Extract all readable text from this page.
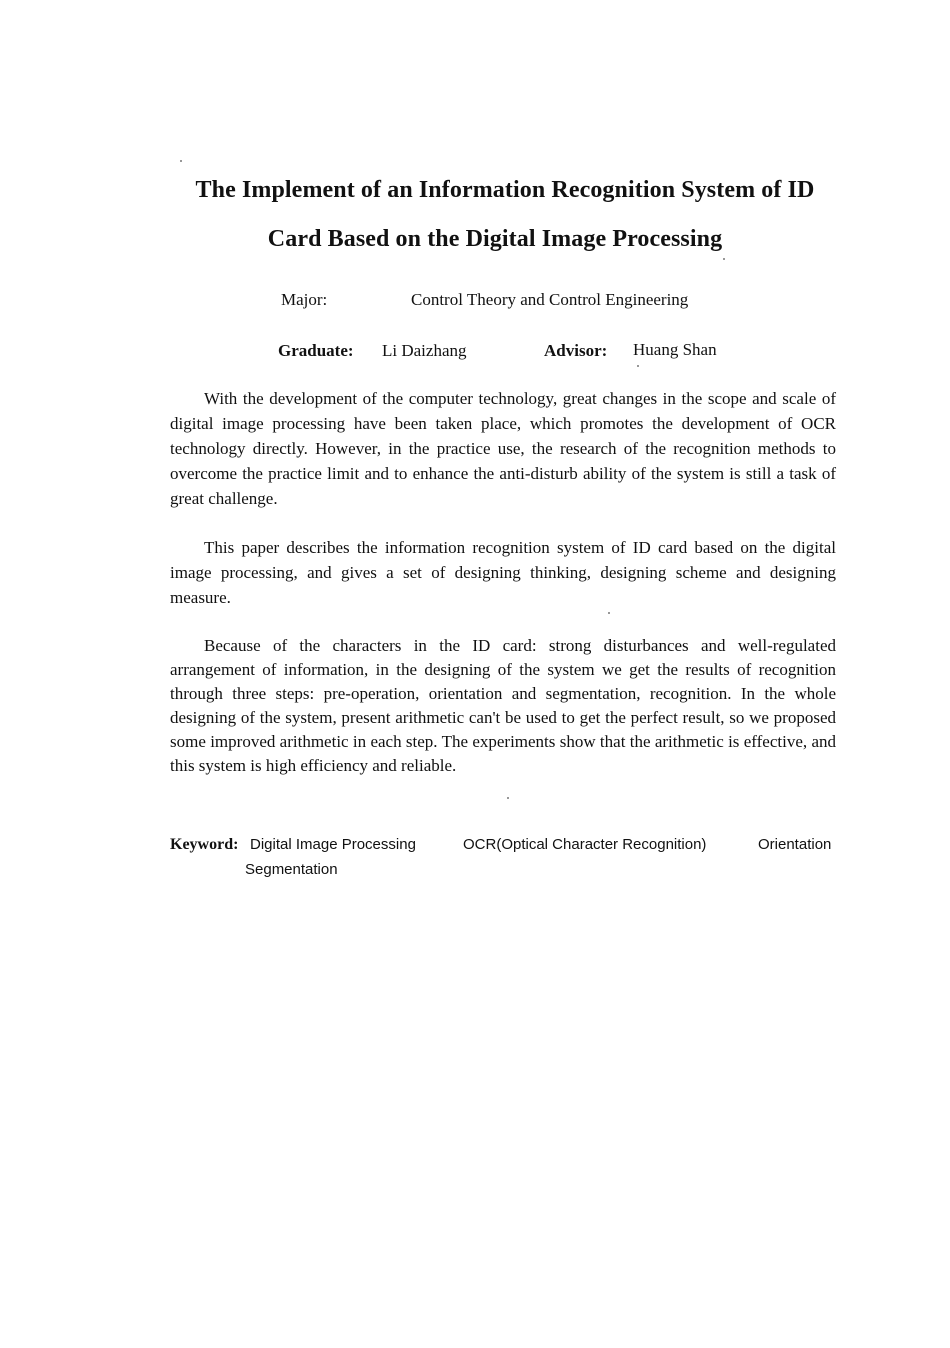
The Implement of an Information Recognition System of ID
Card Based on the Digital Image Processing
Major:	Control Theory and Control Engineering
Graduate: Li Daizhang	Advisor: Huang Shan

With the development of the computer technology, great changes in the scope and scale of digital image processing have been taken place, which promotes the development of OCR technology directly. However, in the practice use, the research of the recognition methods to overcome the practice limit and to enhance the anti-disturb ability of the system is still a task of great challenge.

This paper describes the information recognition system of ID card based on the digital image processing, and gives a set of designing thinking, designing scheme and designing measure.

Because of the characters in the ID card: strong disturbances and well-regulated arrangement of information, in the designing of the system we get the results of recognition through three steps: pre-operation, orientation and segmentation, recognition. In the whole designing of the system, present arithmetic can't be used to get the perfect result, so we proposed some improved arithmetic in each step. The experiments show that the arithmetic is effective, and this system is high efficiency and reliable.

Keyword: Digital Image Processing	OCR(Optical Character Recognition)	Orientation
Segmentation
